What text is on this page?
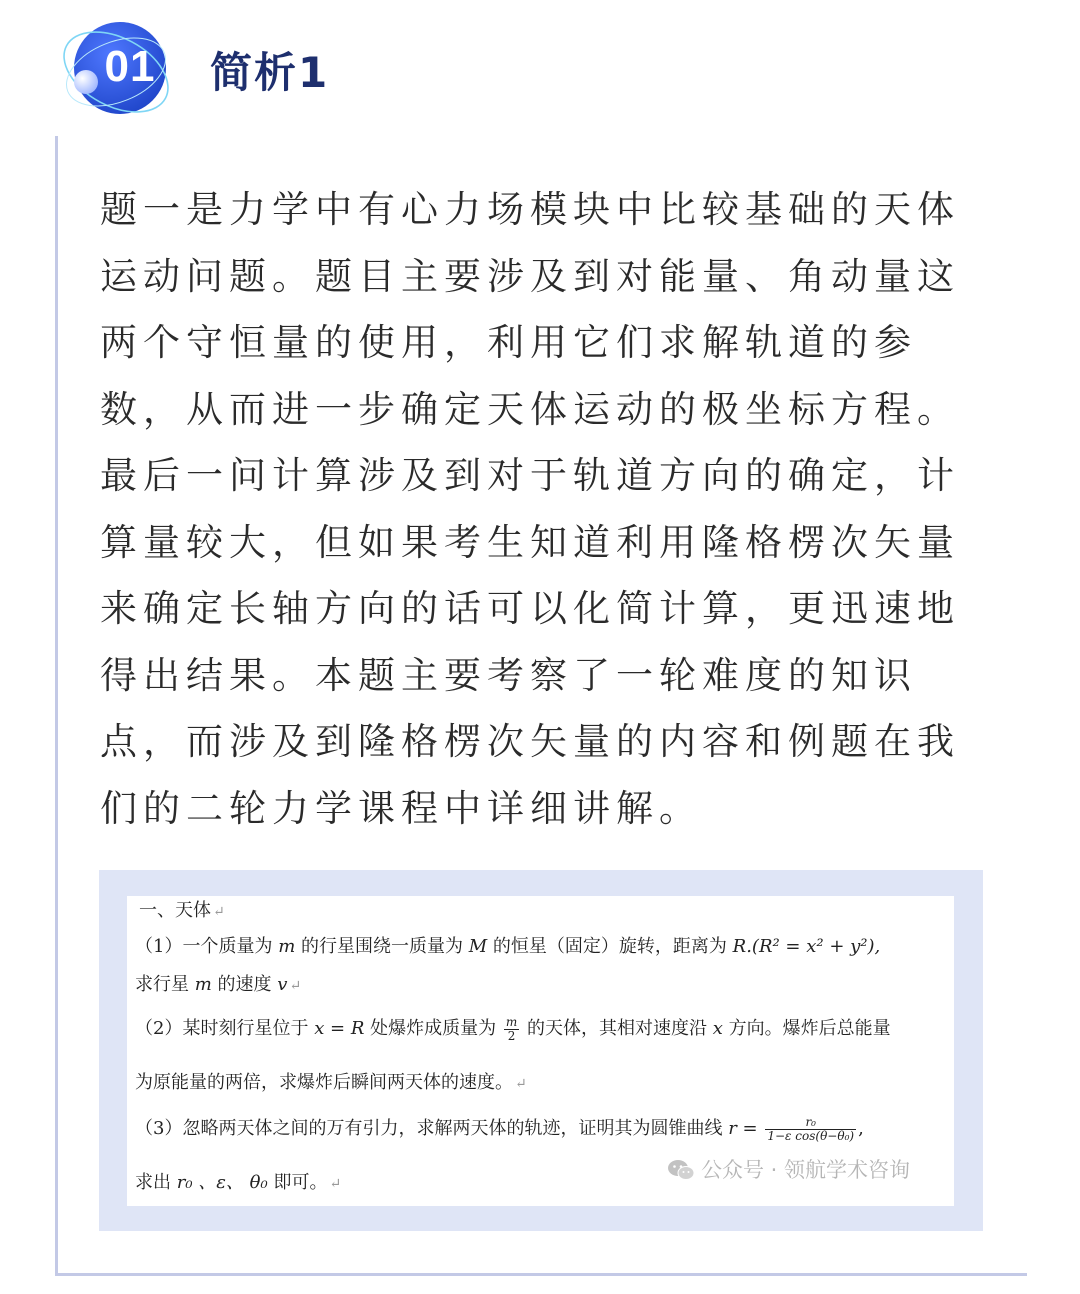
01	简析1
题一是力学中有心力场模块中比较基础的天体
运动问题。题目主要涉及到对能量、角动量这
两个守恒量的使用，利用它们求解轨道的参
数，从而进一步确定天体运动的极坐标方程。
最后一问计算涉及到对于轨道方向的确定，计
算量较大，但如果考生知道利用隆格楞次矢量
来确定长轴方向的话可以化简计算，更迅速地
得出结果。本题主要考察了一轮难度的知识
点，而涉及到隆格楞次矢量的内容和例题在我
们的二轮力学课程中详细讲解。
一、天体 ↵
（1）一个质量为 m 的行星围绕一质量为 M 的恒星（固定）旋转，距离为 R.(R² = x² + y²),
求行星 m 的速度 v ↵
（2）某时刻行星位于 x = R 处爆炸成质量为 $\frac{m}{2}$ 的天体，其相对速度沿 x 方向。爆炸后总能量
为原能量的两倍，求爆炸后瞬间两天体的速度。 ↵
（3）忽略两天体之间的万有引力，求解两天体的轨迹，证明其为圆锥曲线 $r = \frac{\text{r₀}}{\text{1−ε cos(θ−θ₀)}}$ ,
求出 r₀ 、ε、 θ₀ 即可。 ↵
公众号 · 领航学术咨询
